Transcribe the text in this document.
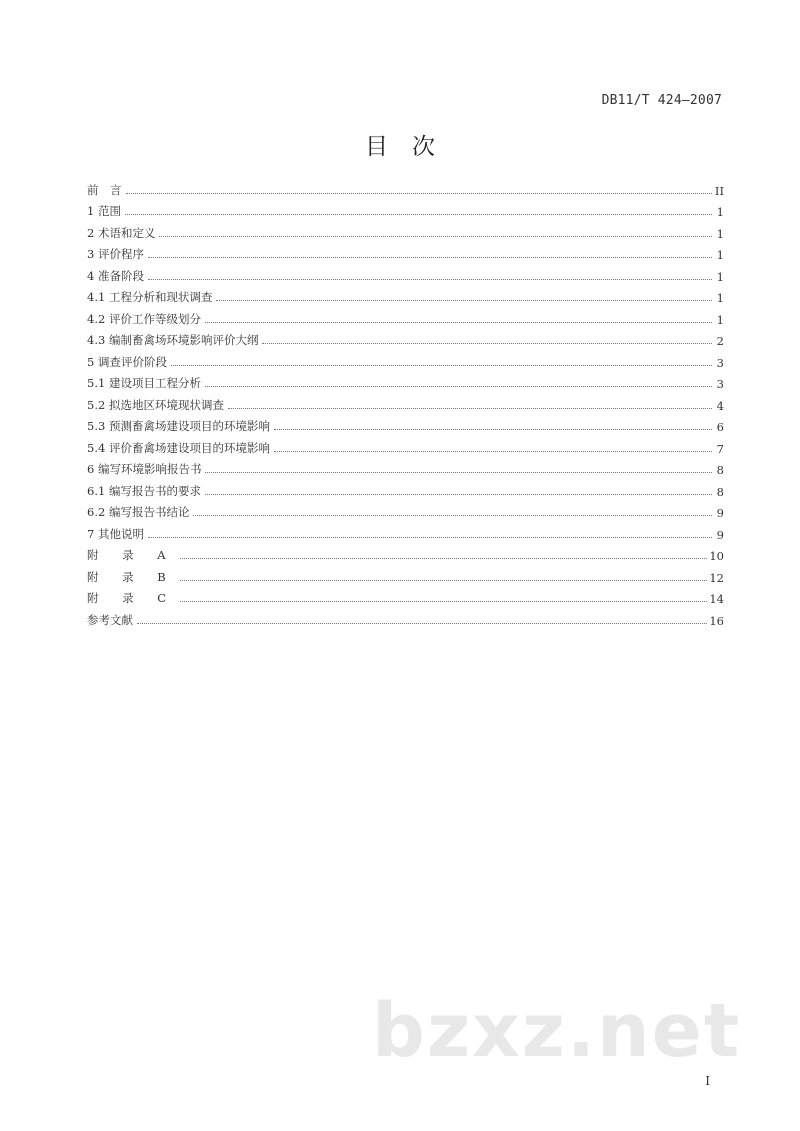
DB11/T 424—2007
目 次
前　言	II
1 范围	1
2 术语和定义	1
3 评价程序	1
4 准备阶段	1
4.1 工程分析和现状调查	1
4.2 评价工作等级划分	1
4.3 编制畜禽场环境影响评价大纲	2
5 调查评价阶段	3
5.1 建设项目工程分析	3
5.2 拟选地区环境现状调查	4
5.3 预测畜禽场建设项目的环境影响	6
5.4 评价畜禽场建设项目的环境影响	7
6 编写环境影响报告书	8
6.1 编写报告书的要求	8
6.2 编写报告书结论	9
7 其他说明	9
附 录 A	10
附 录 B	12
附 录 C	14
参考文献	16
bzxz.net
I
